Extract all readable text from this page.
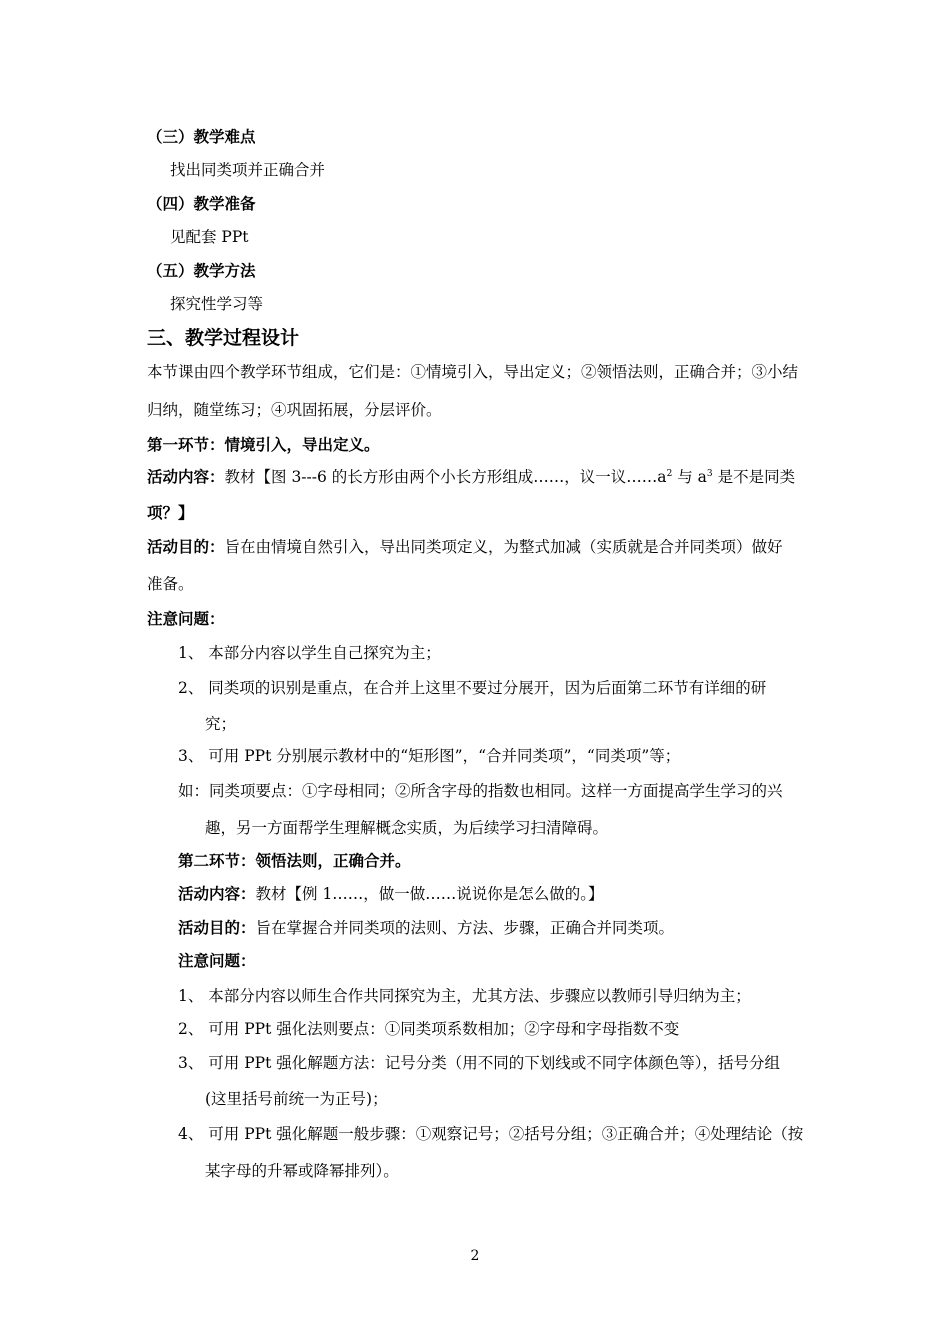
（三）教学难点
找出同类项并正确合并
（四）教学准备
见配套 PPt
（五）教学方法
探究性学习等
三、教学过程设计
本节课由四个教学环节组成，它们是：①情境引入，导出定义；②领悟法则，正确合并；③小结
归纳，随堂练习；④巩固拓展，分层评价。
第一环节：情境引入，导出定义。
活动内容：教材【图 3---6 的长方形由两个小长方形组成……，议一议$\dots\dots a^2$ 与 $a^3$ 是不是同类
项？】
活动目的：旨在由情境自然引入，导出同类项定义，为整式加减（实质就是合并同类项）做好
准备。
注意问题：
1、 本部分内容以学生自己探究为主；
2、 同类项的识别是重点，在合并上这里不要过分展开，因为后面第二环节有详细的研
究；
3、 可用 PPt 分别展示教材中的“矩形图”，“合并同类项”，“同类项”等；
如：同类项要点：①字母相同；②所含字母的指数也相同。这样一方面提高学生学习的兴
趣，另一方面帮学生理解概念实质，为后续学习扫清障碍。
第二环节：领悟法则，正确合并。
活动内容：教材【例 1……，做一做……说说你是怎么做的。】
活动目的：旨在掌握合并同类项的法则、方法、步骤，正确合并同类项。
注意问题：
1、 本部分内容以师生合作共同探究为主，尤其方法、步骤应以教师引导归纳为主；
2、 可用 PPt 强化法则要点：①同类项系数相加；②字母和字母指数不变
3、 可用 PPt 强化解题方法：记号分类（用不同的下划线或不同字体颜色等），括号分组
(这里括号前统一为正号)；
4、 可用 PPt 强化解题一般步骤：①观察记号；②括号分组；③正确合并；④处理结论（按
某字母的升幂或降幂排列）。
2
